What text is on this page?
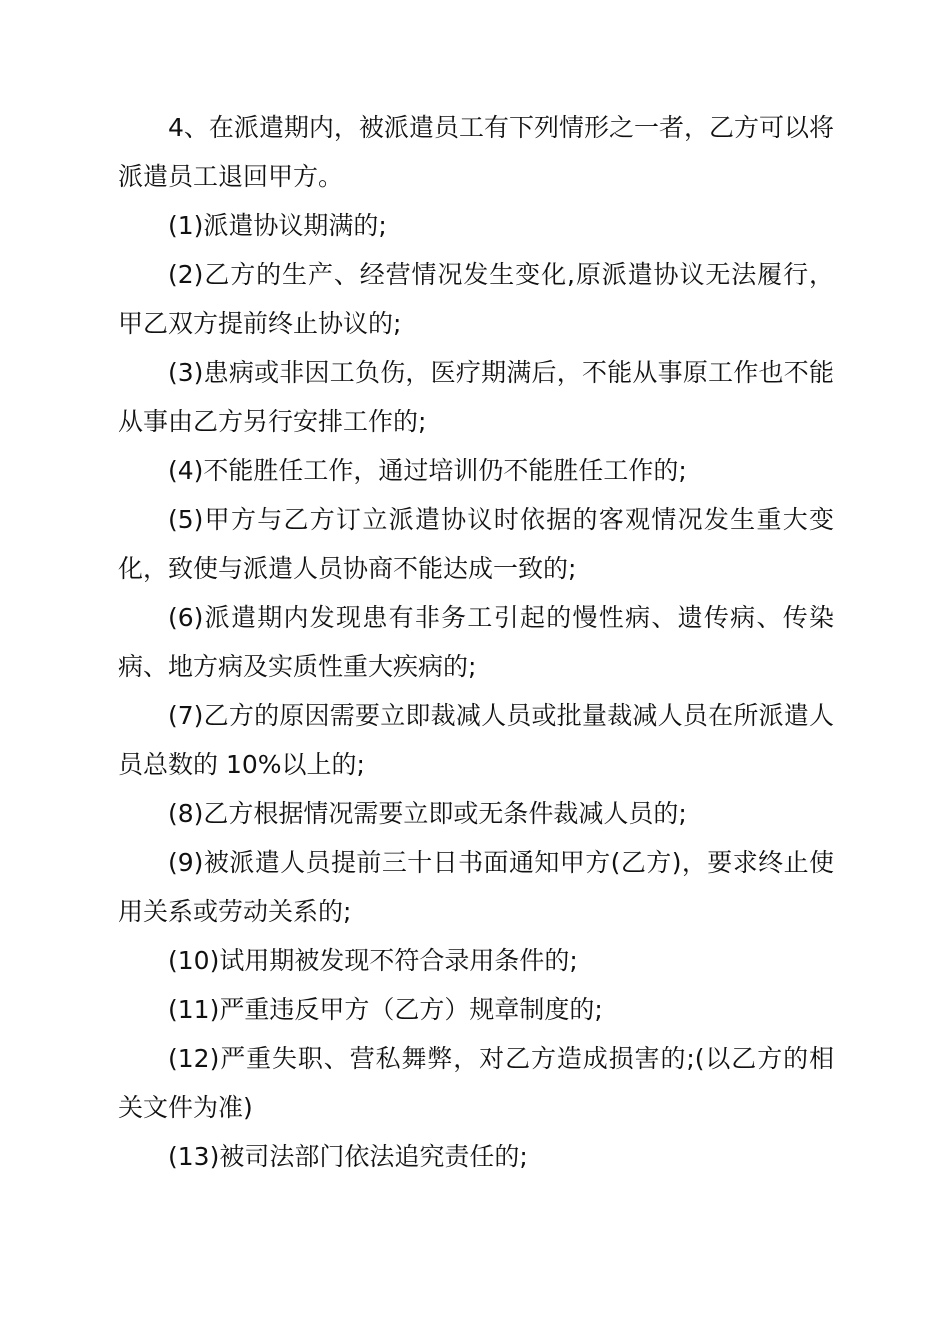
4、在派遣期内，被派遣员工有下列情形之一者，乙方可以将派遣员工退回甲方。

(1)派遣协议期满的;

(2)乙方的生产、经营情况发生变化,原派遣协议无法履行，甲乙双方提前终止协议的;

(3)患病或非因工负伤，医疗期满后，不能从事原工作也不能从事由乙方另行安排工作的;

(4)不能胜任工作，通过培训仍不能胜任工作的;

(5)甲方与乙方订立派遣协议时依据的客观情况发生重大变化，致使与派遣人员协商不能达成一致的;

(6)派遣期内发现患有非务工引起的慢性病、遗传病、传染病、地方病及实质性重大疾病的;

(7)乙方的原因需要立即裁减人员或批量裁减人员在所派遣人员总数的 10%以上的;

(8)乙方根据情况需要立即或无条件裁减人员的;

(9)被派遣人员提前三十日书面通知甲方(乙方)，要求终止使用关系或劳动关系的;

(10)试用期被发现不符合录用条件的;

(11)严重违反甲方（乙方）规章制度的;

(12)严重失职、营私舞弊，对乙方造成损害的;(以乙方的相关文件为准)

(13)被司法部门依法追究责任的;
